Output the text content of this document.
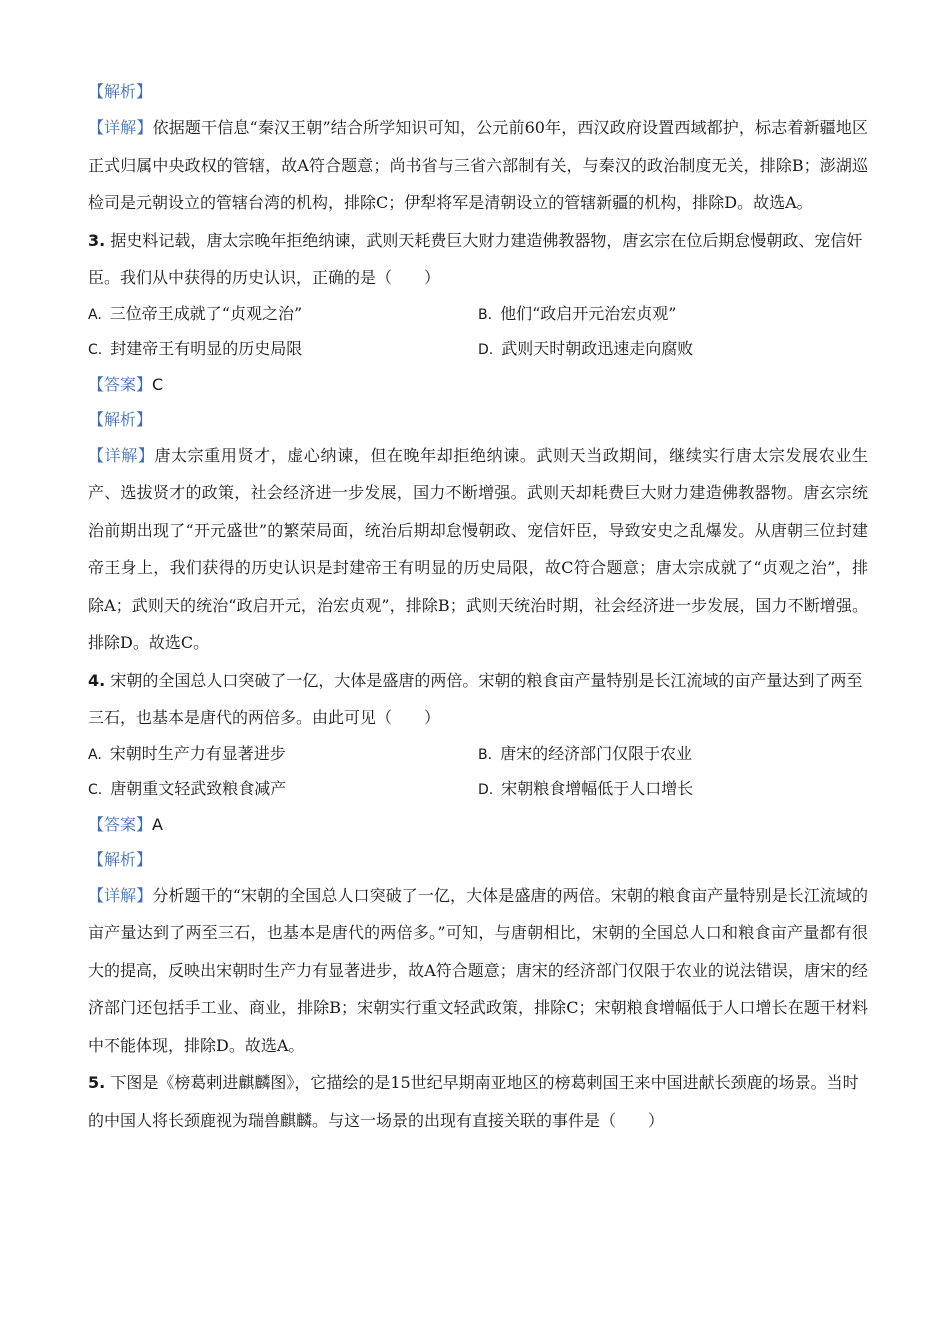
【解析】

【详解】依据题干信息“秦汉王朝”结合所学知识可知，公元前60年，西汉政府设置西域都护，标志着新疆地区正式归属中央政权的管辖，故A符合题意；尚书省与三省六部制有关，与秦汉的政治制度无关，排除B；澎湖巡检司是元朝设立的管辖台湾的机构，排除C；伊犁将军是清朝设立的管辖新疆的机构，排除D。故选A。

3. 据史料记载，唐太宗晚年拒绝纳谏，武则天耗费巨大财力建造佛教器物，唐玄宗在位后期怠慢朝政、宠信奸臣。我们从中获得的历史认识，正确的是（　　）

A. 三位帝王成就了“贞观之治”	B. 他们“政启开元治宏贞观”
C. 封建帝王有明显的历史局限	D. 武则天时朝政迅速走向腐败

【答案】C

【解析】

【详解】唐太宗重用贤才，虚心纳谏，但在晚年却拒绝纳谏。武则天当政期间，继续实行唐太宗发展农业生产、选拔贤才的政策，社会经济进一步发展，国力不断增强。武则天却耗费巨大财力建造佛教器物。唐玄宗统治前期出现了“开元盛世”的繁荣局面，统治后期却怠慢朝政、宠信奸臣，导致安史之乱爆发。从唐朝三位封建帝王身上，我们获得的历史认识是封建帝王有明显的历史局限，故C符合题意；唐太宗成就了“贞观之治”，排除A；武则天的统治“政启开元，治宏贞观”，排除B；武则天统治时期，社会经济进一步发展，国力不断增强。排除D。故选C。

4. 宋朝的全国总人口突破了一亿，大体是盛唐的两倍。宋朝的粮食亩产量特别是长江流域的亩产量达到了两至三石，也基本是唐代的两倍多。由此可见（　　）

A. 宋朝时生产力有显著进步	B. 唐宋的经济部门仅限于农业
C. 唐朝重文轻武致粮食减产	D. 宋朝粮食增幅低于人口增长

【答案】A

【解析】

【详解】分析题干的“宋朝的全国总人口突破了一亿，大体是盛唐的两倍。宋朝的粮食亩产量特别是长江流域的亩产量达到了两至三石，也基本是唐代的两倍多。”可知，与唐朝相比，宋朝的全国总人口和粮食亩产量都有很大的提高，反映出宋朝时生产力有显著进步，故A符合题意；唐宋的经济部门仅限于农业的说法错误，唐宋的经济部门还包括手工业、商业，排除B；宋朝实行重文轻武政策，排除C；宋朝粮食增幅低于人口增长在题干材料中不能体现，排除D。故选A。

5. 下图是《榜葛剌进麒麟图》，它描绘的是15世纪早期南亚地区的榜葛剌国王来中国进献长颈鹿的场景。当时的中国人将长颈鹿视为瑞兽麒麟。与这一场景的出现有直接关联的事件是（　　）
